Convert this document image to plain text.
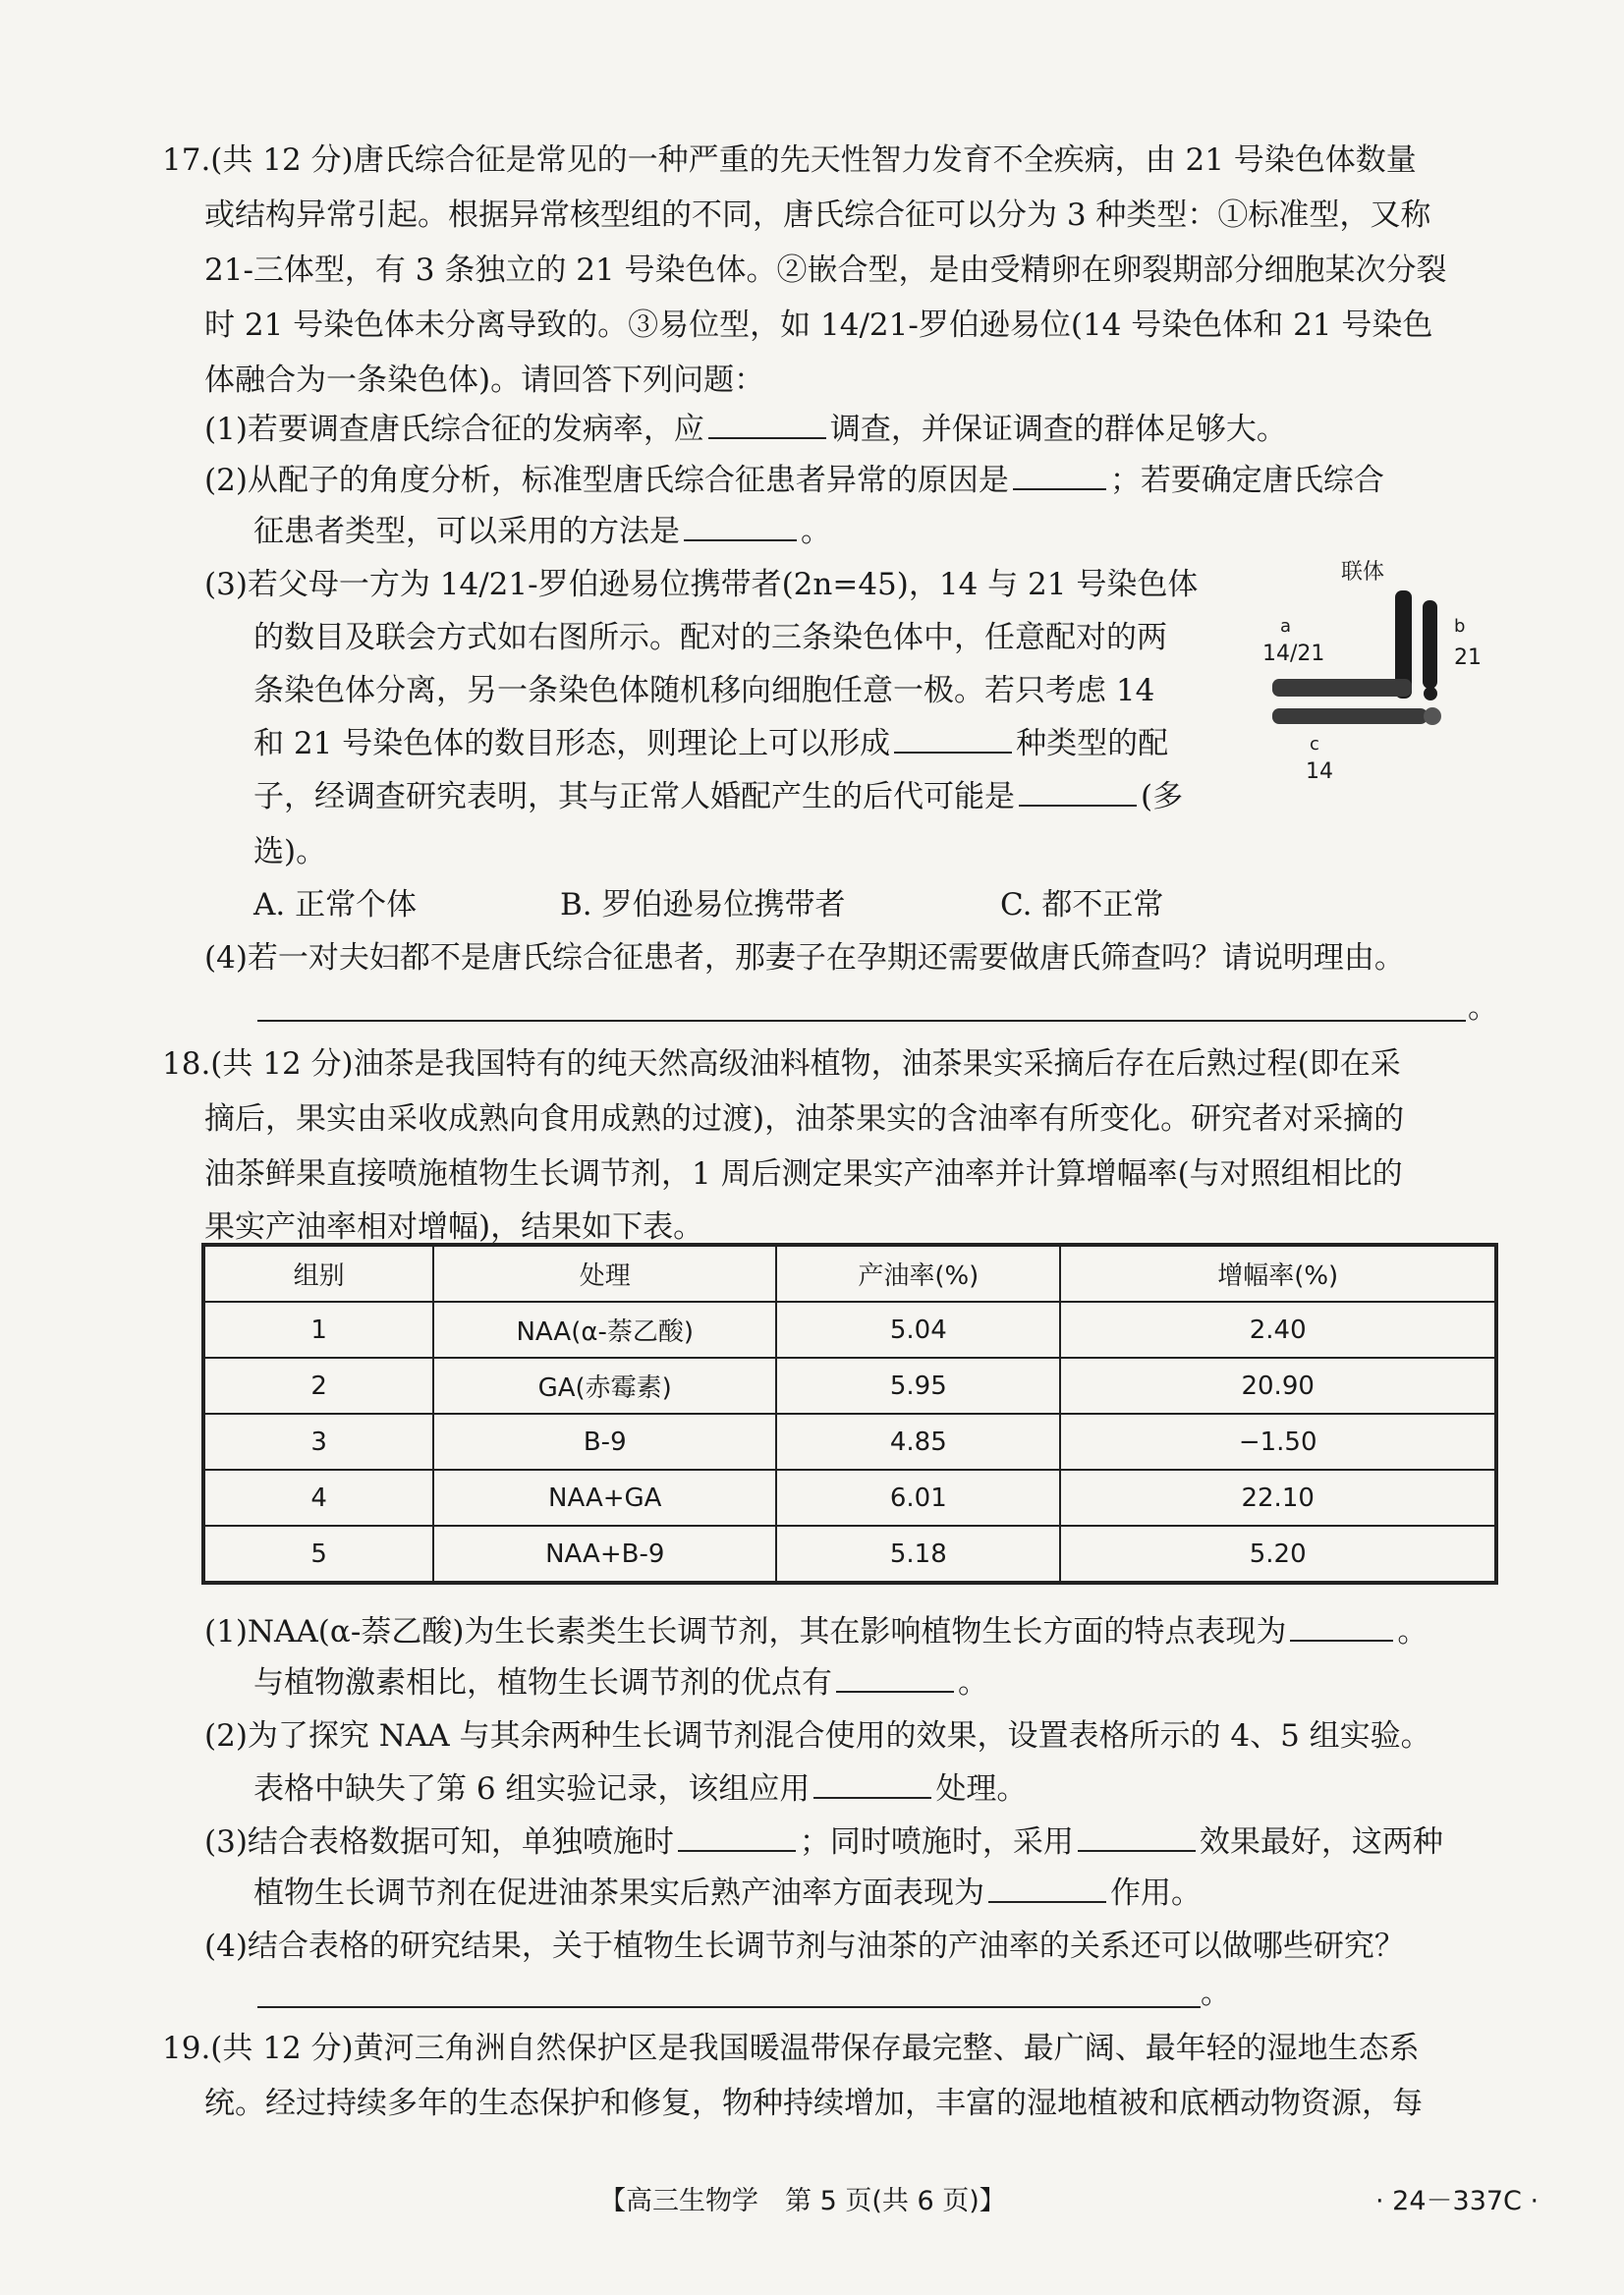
17.(共 12 分)唐氏综合征是常见的一种严重的先天性智力发育不全疾病，由 21 号染色体数量

或结构异常引起。根据异常核型组的不同，唐氏综合征可以分为 3 种类型：①标准型，又称

21-三体型，有 3 条独立的 21 号染色体。②嵌合型，是由受精卵在卵裂期部分细胞某次分裂

时 21 号染色体未分离导致的。③易位型，如 14/21-罗伯逊易位(14 号染色体和 21 号染色

体融合为一条染色体)。请回答下列问题：

(1)若要调查唐氏综合征的发病率，应	调查，并保证调查的群体足够大。

(2)从配子的角度分析，标准型唐氏综合征患者异常的原因是	；若要确定唐氏综合

征患者类型，可以采用的方法是	。

(3)若父母一方为 14/21-罗伯逊易位携带者(2n=45)，14 与 21 号染色体

的数目及联会方式如右图所示。配对的三条染色体中，任意配对的两

条染色体分离，另一条染色体随机移向细胞任意一极。若只考虑 14

和 21 号染色体的数目形态，则理论上可以形成	种类型的配

子，经调查研究表明，其与正常人婚配产生的后代可能是	(多

选)。

A. 正常个体	B. 罗伯逊易位携带者	C. 都不正常

(4)若一对夫妇都不是唐氏综合征患者，那妻子在孕期还需要做唐氏筛查吗？请说明理由。

。

联体
a
14/21
b
21
c
14

18.(共 12 分)油茶是我国特有的纯天然高级油料植物，油茶果实采摘后存在后熟过程(即在采

摘后，果实由采收成熟向食用成熟的过渡)，油茶果实的含油率有所变化。研究者对采摘的

油茶鲜果直接喷施植物生长调节剂，1 周后测定果实产油率并计算增幅率(与对照组相比的

果实产油率相对增幅)，结果如下表。

组别	处理	产油率(%)	增幅率(%)
1	NAA(α-萘乙酸)	5.04	2.40
2	GA(赤霉素)	5.95	20.90
3	B-9	4.85	−1.50
4	NAA+GA	6.01	22.10
5	NAA+B-9	5.18	5.20

(1)NAA(α-萘乙酸)为生长素类生长调节剂，其在影响植物生长方面的特点表现为	。

与植物激素相比，植物生长调节剂的优点有	。

(2)为了探究 NAA 与其余两种生长调节剂混合使用的效果，设置表格所示的 4、5 组实验。

表格中缺失了第 6 组实验记录，该组应用	处理。

(3)结合表格数据可知，单独喷施时	；同时喷施时，采用	效果最好，这两种

植物生长调节剂在促进油茶果实后熟产油率方面表现为	作用。

(4)结合表格的研究结果，关于植物生长调节剂与油茶的产油率的关系还可以做哪些研究？

。

19.(共 12 分)黄河三角洲自然保护区是我国暖温带保存最完整、最广阔、最年轻的湿地生态系

统。经过持续多年的生态保护和修复，物种持续增加，丰富的湿地植被和底栖动物资源，每

【高三生物学　第 5 页(共 6 页)】	· 24－337C ·
